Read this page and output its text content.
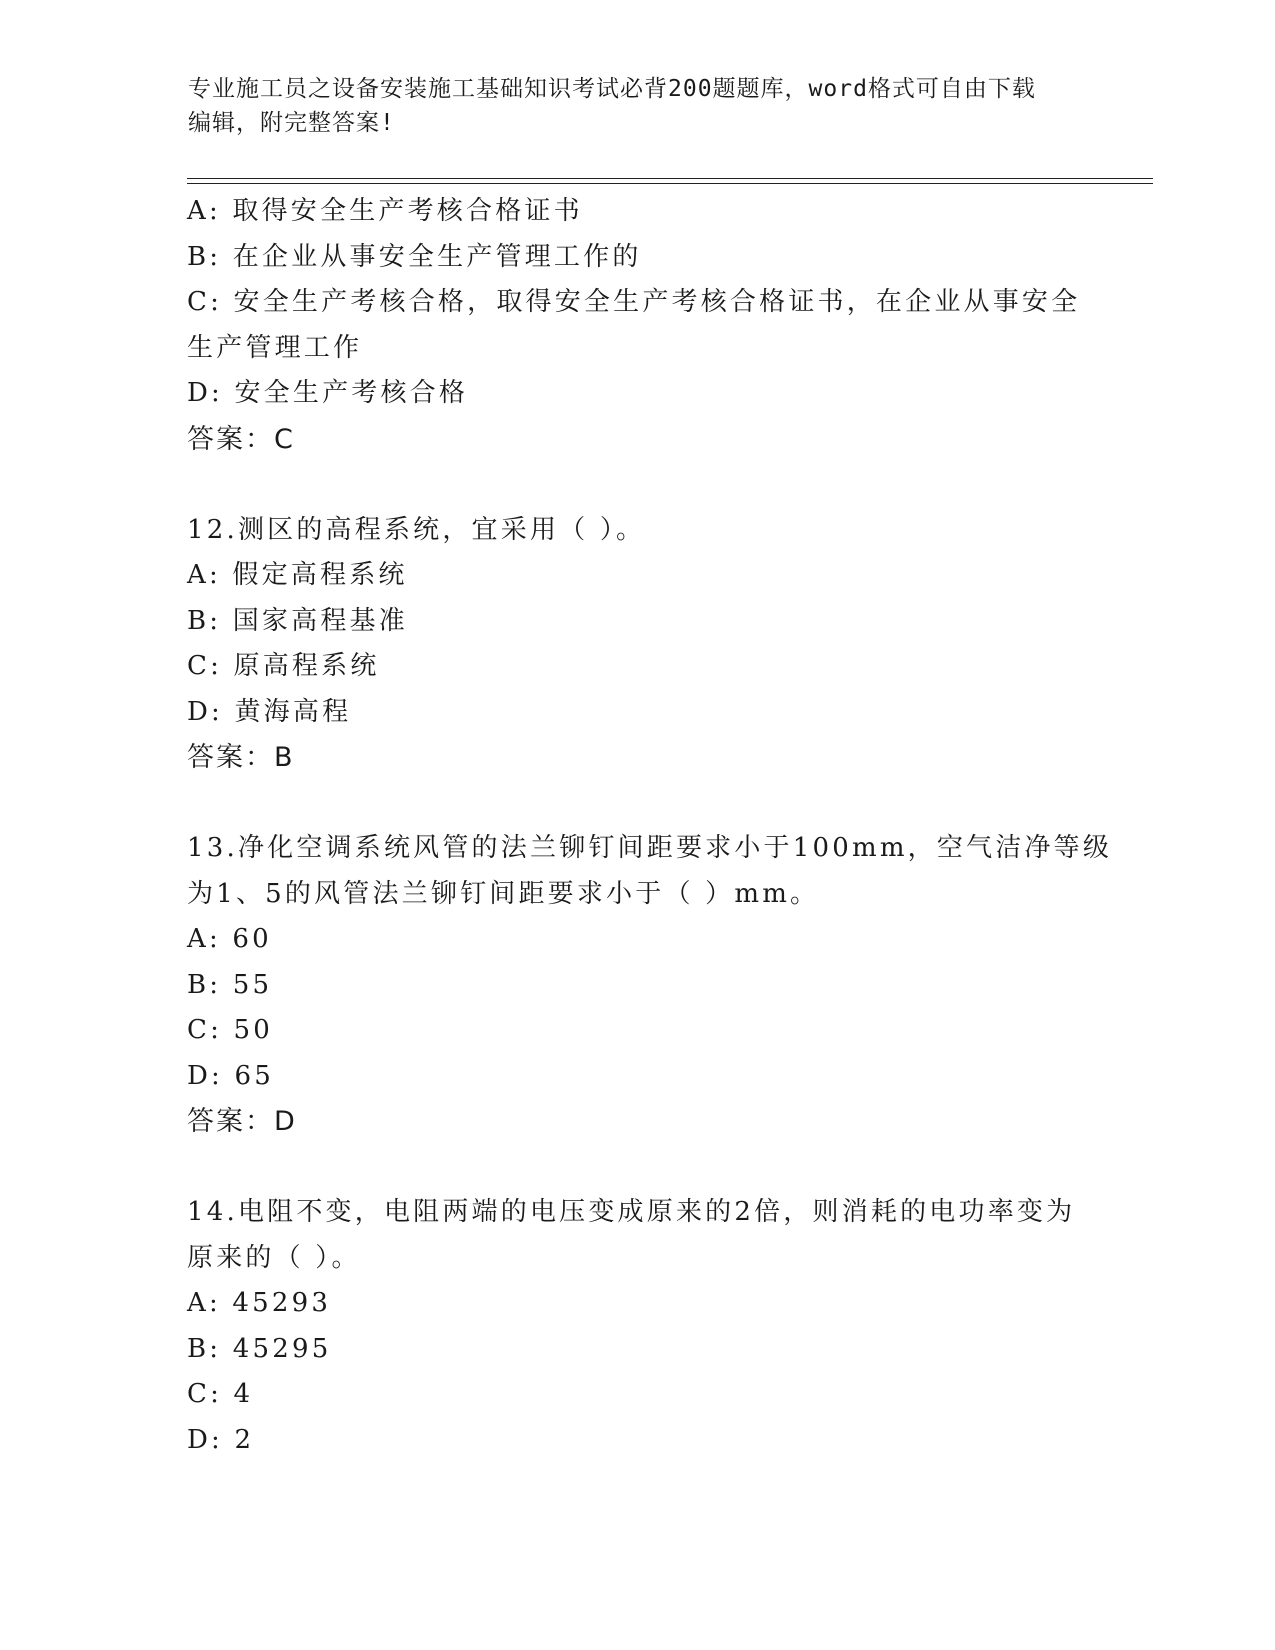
专业施工员之设备安装施工基础知识考试必背200题题库，word格式可自由下载
编辑，附完整答案!
A: 取得安全生产考核合格证书
B: 在企业从事安全生产管理工作的
C: 安全生产考核合格，取得安全生产考核合格证书，在企业从事安全
生产管理工作
D: 安全生产考核合格
答案：C
12.测区的高程系统，宜采用（ ）。
A: 假定高程系统
B: 国家高程基准
C: 原高程系统
D: 黄海高程
答案：B
13.净化空调系统风管的法兰铆钉间距要求小于100mm，空气洁净等级
为1、5的风管法兰铆钉间距要求小于（ ）mm。
A: 60
B: 55
C: 50
D: 65
答案：D
14.电阻不变，电阻两端的电压变成原来的2倍，则消耗的电功率变为
原来的（ ）。
A: 45293
B: 45295
C: 4
D: 2
